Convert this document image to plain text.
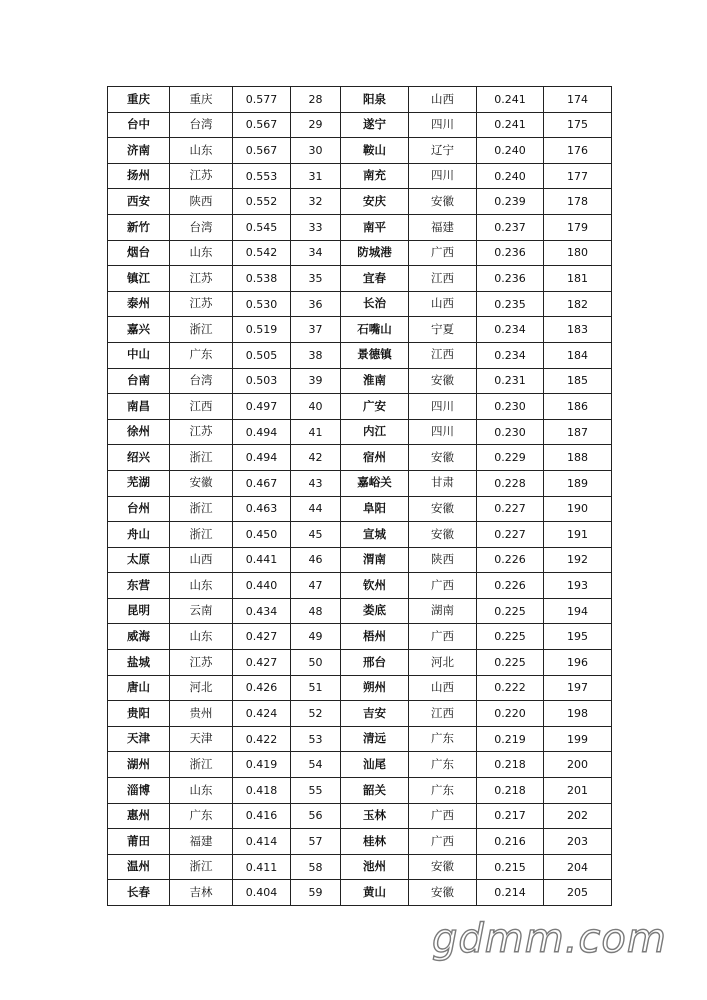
重庆	重庆	0.577	28	阳泉	山西	0.241	174
台中	台湾	0.567	29	遂宁	四川	0.241	175
济南	山东	0.567	30	鞍山	辽宁	0.240	176
扬州	江苏	0.553	31	南充	四川	0.240	177
西安	陕西	0.552	32	安庆	安徽	0.239	178
新竹	台湾	0.545	33	南平	福建	0.237	179
烟台	山东	0.542	34	防城港	广西	0.236	180
镇江	江苏	0.538	35	宜春	江西	0.236	181
泰州	江苏	0.530	36	长治	山西	0.235	182
嘉兴	浙江	0.519	37	石嘴山	宁夏	0.234	183
中山	广东	0.505	38	景德镇	江西	0.234	184
台南	台湾	0.503	39	淮南	安徽	0.231	185
南昌	江西	0.497	40	广安	四川	0.230	186
徐州	江苏	0.494	41	内江	四川	0.230	187
绍兴	浙江	0.494	42	宿州	安徽	0.229	188
芜湖	安徽	0.467	43	嘉峪关	甘肃	0.228	189
台州	浙江	0.463	44	阜阳	安徽	0.227	190
舟山	浙江	0.450	45	宣城	安徽	0.227	191
太原	山西	0.441	46	渭南	陕西	0.226	192
东营	山东	0.440	47	钦州	广西	0.226	193
昆明	云南	0.434	48	娄底	湖南	0.225	194
威海	山东	0.427	49	梧州	广西	0.225	195
盐城	江苏	0.427	50	邢台	河北	0.225	196
唐山	河北	0.426	51	朔州	山西	0.222	197
贵阳	贵州	0.424	52	吉安	江西	0.220	198
天津	天津	0.422	53	清远	广东	0.219	199
湖州	浙江	0.419	54	汕尾	广东	0.218	200
淄博	山东	0.418	55	韶关	广东	0.218	201
惠州	广东	0.416	56	玉林	广西	0.217	202
莆田	福建	0.414	57	桂林	广西	0.216	203
温州	浙江	0.411	58	池州	安徽	0.215	204
长春	吉林	0.404	59	黄山	安徽	0.214	205
gdmm.com
